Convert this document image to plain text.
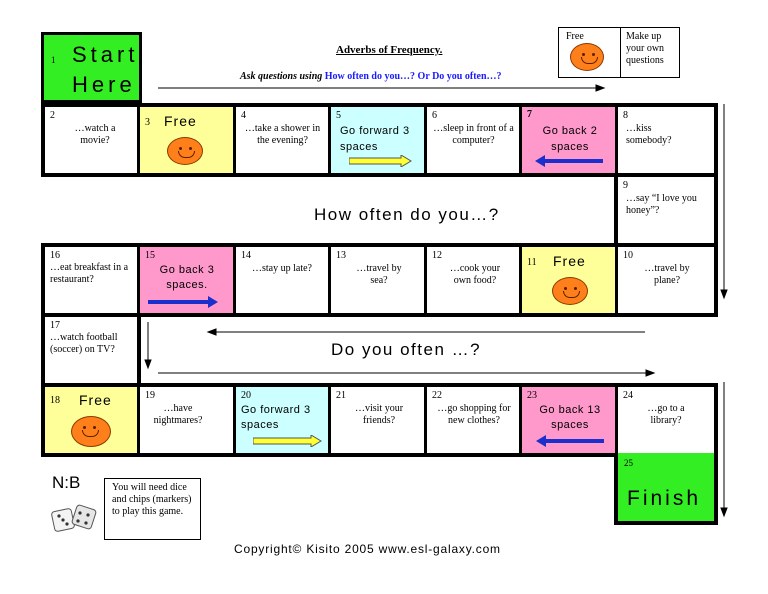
1 Start
Here
Adverbs of Frequency.
Ask questions using How often do you…? Or Do you often…?
Free	Make up your own questions
2
…watch a movie?
3 Free	4
…take a shower in the evening?
5
Go forward 3 spaces
6
…sleep in front of a computer?
7
Go back 2 spaces
8
…kiss somebody?
9
…say “I love you honey”?
How often do you…?
16
…eat breakfast in a restaurant?
15
Go back 3 spaces.
14
…stay up late?
13
…travel by sea?
12
…cook your own food?
11 Free	10
…travel by plane?
17
…watch football (soccer) on TV?	Do you often …?
18 Free	19
…have nightmares?
20
Go forward 3 spaces
21
…visit your friends?
22
…go shopping for new clothes?
23
Go back 13 spaces
24
…go to a library?
25
Finish
N:B	You will need dice and chips (markers) to play this game.
Copyright© Kisito 2005 www.esl-galaxy.com
